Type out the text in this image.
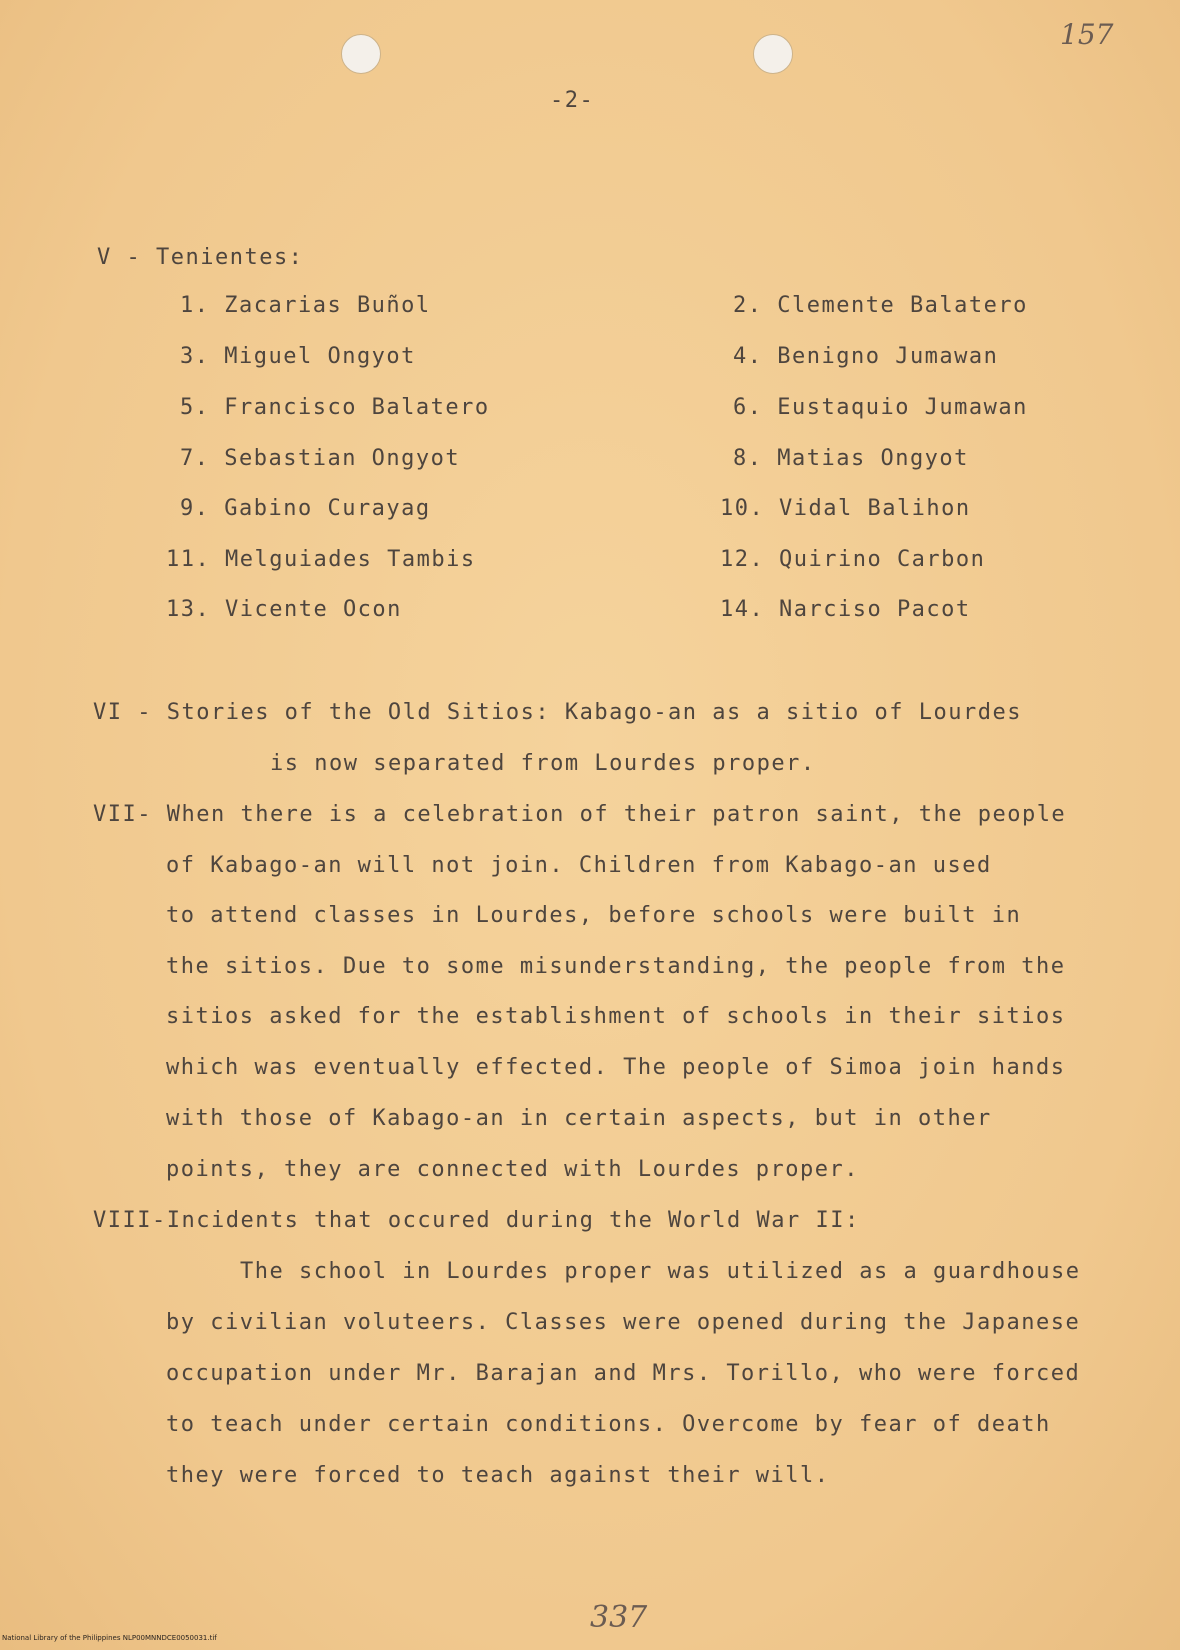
157
-2-
V - Tenientes:
1. Zacarias Buñol	2. Clemente Balatero
3. Miguel Ongyot	4. Benigno Jumawan
5. Francisco Balatero	6. Eustaquio Jumawan
7. Sebastian Ongyot	8. Matias Ongyot
9. Gabino Curayag	10. Vidal Balihon
11. Melguiades Tambis	12. Quirino Carbon
13. Vicente Ocon	14. Narciso Pacot
VI - Stories of the Old Sitios: Kabago-an as a sitio of Lourdes
is now separated from Lourdes proper.
VII- When there is a celebration of their patron saint, the people
of Kabago-an will not join. Children from Kabago-an used
to attend classes in Lourdes, before schools were built in
the sitios. Due to some misunderstanding, the people from the
sitios asked for the establishment of schools in their sitios
which was eventually effected. The people of Simoa join hands
with those of Kabago-an in certain aspects, but in other
points, they are connected with Lourdes proper.
VIII-Incidents that occured during the World War II:
The school in Lourdes proper was utilized as a guardhouse
by civilian voluteers. Classes were opened during the Japanese
occupation under Mr. Barajan and Mrs. Torillo, who were forced
to teach under certain conditions. Overcome by fear of death
they were forced to teach against their will.
337
National Library of the Philippines NLP00MNNDCE0050031.tif
